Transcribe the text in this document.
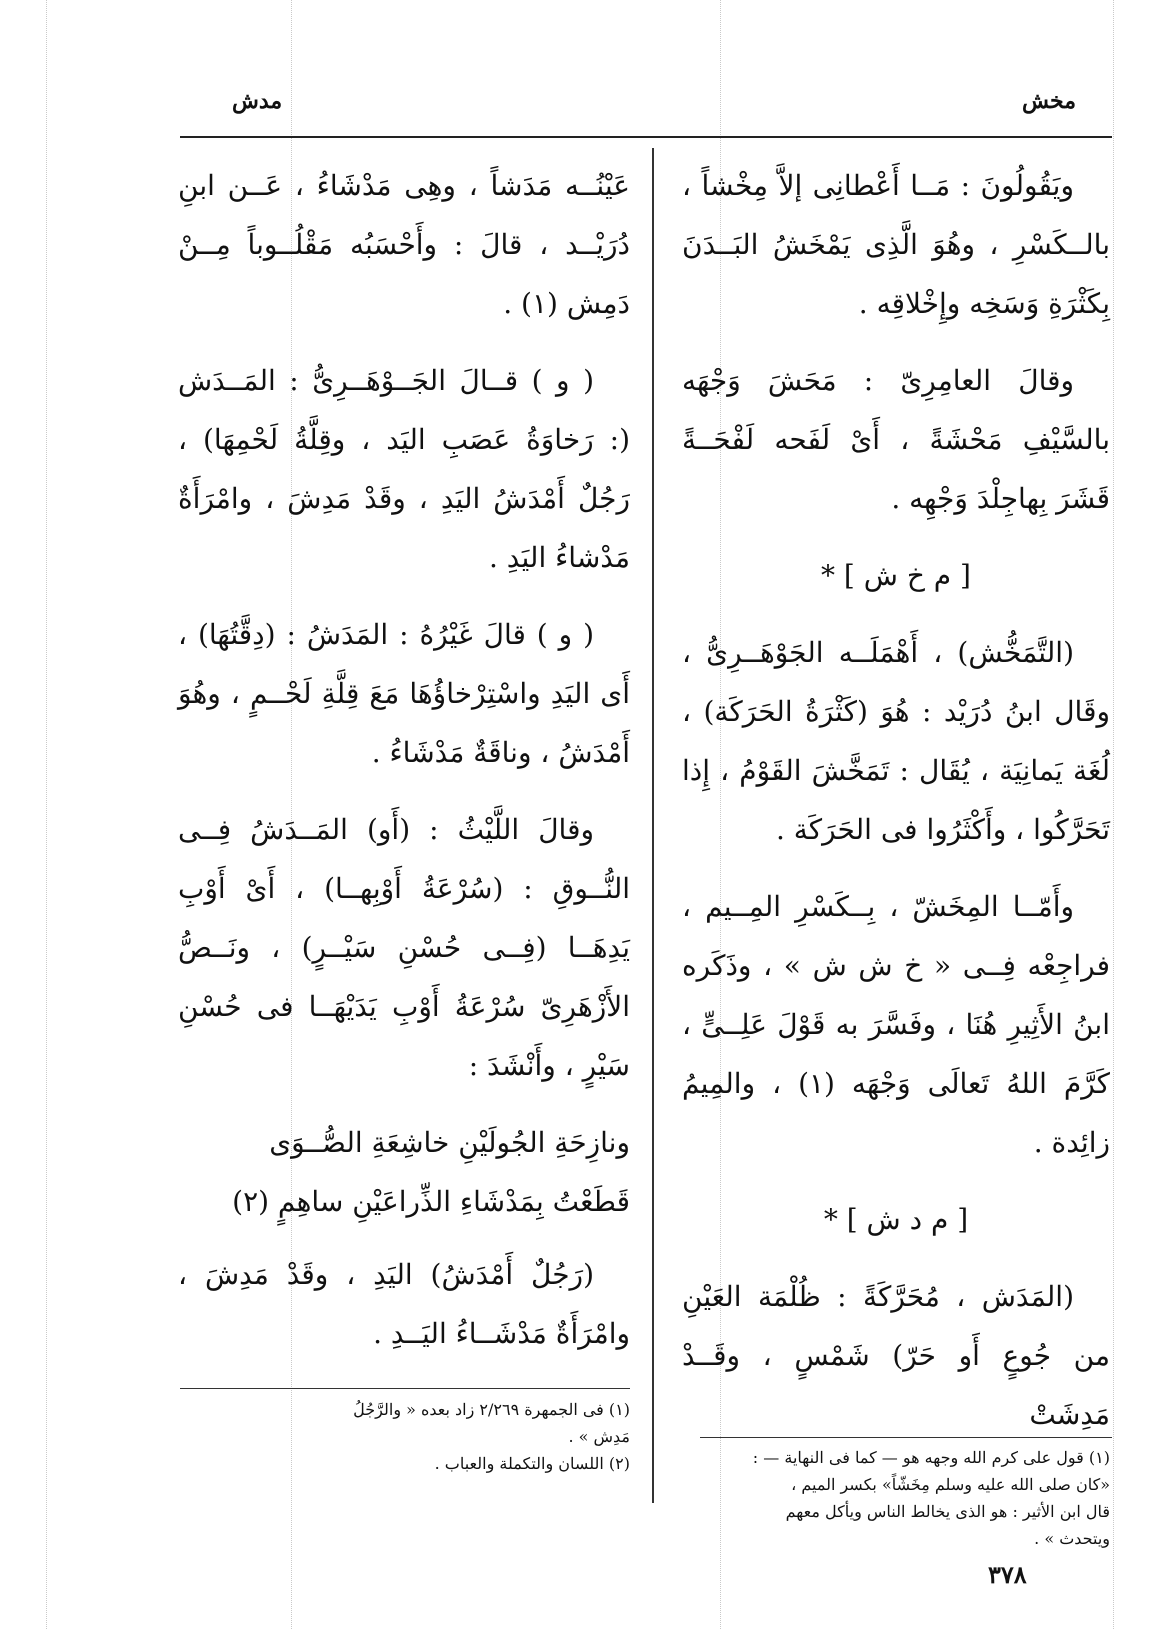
مدش	مخش

ويَقُولُونَ : مَــا أَعْطانِى إلاَّ مِخْشاً ، بالــكَسْرِ ، وهُوَ الَّذِى يَمْخَشُ البَــدَنَ بِكَثْرَةِ وَسَخِه وإِخْلاقِه .

وقالَ العامِرِىّ : مَحَشَ وَجْهَه بالسَّيْفِ مَحْشَةً ، أَىْ لَفَحه لَفْحَــةً قَشَرَ بِهاجِلْدَ وَجْهِه .

[ م خ ش ] *

(التَّمَخُّش) ، أَهْمَلَــه الجَوْهَــرِىُّ ، وقَال ابنُ دُرَيْد : هُوَ (كَثْرَةُ الحَرَكَة) ، لُغَة يَمانِيَة ، يُقَال : تَمَخَّشَ القَوْمُ ، إِذا تَحَرَّكُوا ، وأَكْثَرُوا فى الحَرَكَة .

وأَمّــا المِخَشّ ، بِــكَسْرِ المِــيم ، فراجِعْه فِــى « خ ش ش » ، وذَكَره ابنُ الأَثِيرِ هُنَا ، وفَسَّرَ به قَوْلَ عَلِــىٍّ ، كَرَّمَ اللهُ تَعالَى وَجْهَه (١) ، والمِيمُ زائِدة .

[ م د ش ] *

(المَدَش ، مُحَرَّكَةً : ظُلْمَة العَيْنِ من جُوعٍ أَو حَرّ) شَمْسٍ ، وقَــدْ مَدِشَتْ

عَيْنُــه مَدَشاً ، وهِى مَدْشَاءُ ، عَــن ابنِ دُرَيْــد ، قالَ : وأَحْسَبُه مَقْلُــوباً مِــنْ دَمِش (١) .

( و ) قــالَ الجَــوْهَــرِىُّ : المَــدَش (: رَخاوَةُ عَصَبِ اليَد ، وقِلَّةُ لَحْمِهَا) ، رَجُلٌ أَمْدَشُ اليَدِ ، وقَدْ مَدِشَ ، وامْرَأَةٌ مَدْشاءُ اليَدِ .

( و ) قالَ غَيْرُهُ : المَدَشُ : (دِقَّتُهَا) ، أَى اليَدِ واسْتِرْخاؤُهَا مَعَ قِلَّةِ لَحْــمٍ ، وهُوَ أَمْدَشُ ، وناقَةٌ مَدْشَاءُ .

وقالَ اللَّيْثُ : (أَو) المَــدَشُ فِــى النُّــوقِ : (سُرْعَةُ أَوْبِهــا) ، أَىْ أَوْبِ يَدِهَــا (فِــى حُسْنِ سَيْــرٍ) ، ونَــصُّ الأَزْهَرِىّ سُرْعَةُ أَوْبِ يَدَيْهَــا فى حُسْنِ سَيْرٍ ، وأَنْشَدَ :

ونازِحَةِ الجُولَيْنِ خاشِعَةِ الصُّــوَى

قَطَعْتُ بِمَدْشَاءِ الذِّراعَيْنِ ساهِمٍ (٢)

(رَجُلٌ أَمْدَشُ) اليَدِ ، وقَدْ مَدِشَ ، وامْرَأَةٌ مَدْشَــاءُ اليَــدِ .

(١) قول على كرم الله وجهه هو — كما فى النهاية — :

«كان صلى الله عليه وسلم مِخَشّاً» بكسر الميم ،

قال ابن الأثير : هو الذى يخالط الناس ويأكل معهم

ويتحدث » .

(١) فى الجمهرة ٢/٢٦٩ زاد بعده « والرَّجُلُ

مَدِش » .

(٢) اللسان والتكملة والعباب .

٣٧٨
